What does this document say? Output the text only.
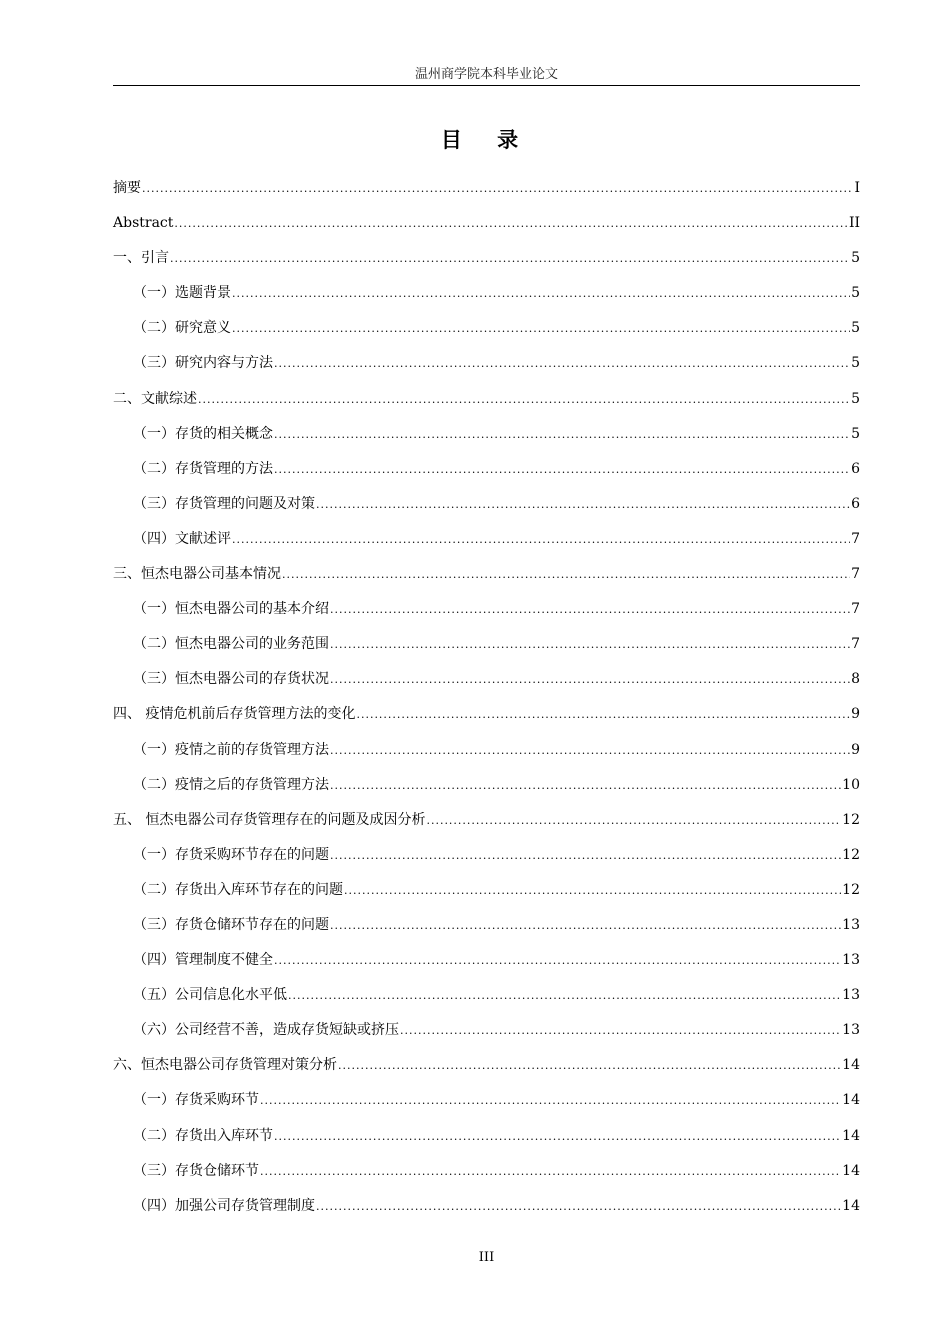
温州商学院本科毕业论文
目 录
摘要 .....	I
Abstract .....	II
一、引言 .....	5
（一）选题背景 .....	5
（二）研究意义 .....	5
（三）研究内容与方法 .....	5
二、文献综述 .....	5
（一）存货的相关概念 .....	5
（二）存货管理的方法 .....	6
（三）存货管理的问题及对策 .....	6
（四）文献述评 .....	7
三、恒杰电器公司基本情况 .....	7
（一）恒杰电器公司的基本介绍 .....	7
（二）恒杰电器公司的业务范围 .....	7
（三）恒杰电器公司的存货状况 .....	8
四、 疫情危机前后存货管理方法的变化 .....	9
（一）疫情之前的存货管理方法 .....	9
（二）疫情之后的存货管理方法 .....	10
五、 恒杰电器公司存货管理存在的问题及成因分析 .....	12
（一）存货采购环节存在的问题 .....	12
（二）存货出入库环节存在的问题 .....	12
（三）存货仓储环节存在的问题 .....	13
（四）管理制度不健全 .....	13
（五）公司信息化水平低 .....	13
（六）公司经营不善，造成存货短缺或挤压 .....	13
六、恒杰电器公司存货管理对策分析 .....	14
（一）存货采购环节 .....	14
（二）存货出入库环节 .....	14
（三）存货仓储环节 .....	14
（四）加强公司存货管理制度 .....	14
III
